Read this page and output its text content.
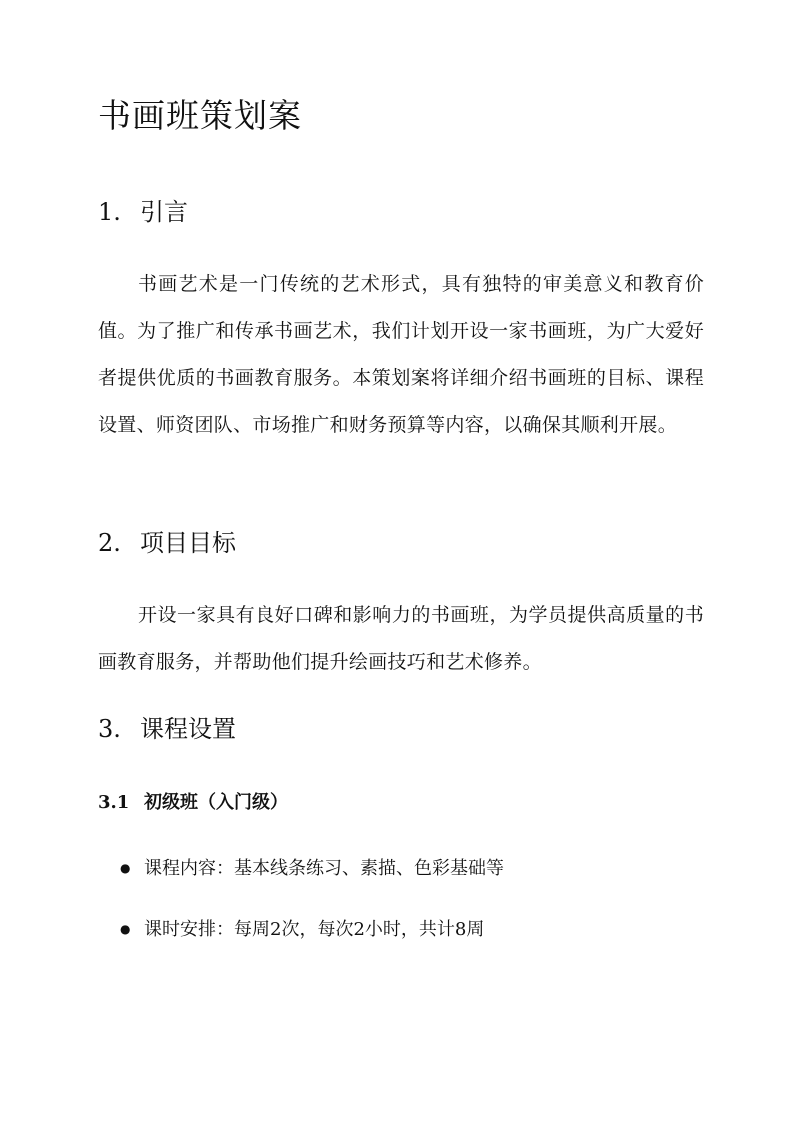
书画班策划案
1. 引言

书画艺术是一门传统的艺术形式，具有独特的审美意义和教育价值。为了推广和传承书画艺术，我们计划开设一家书画班，为广大爱好者提供优质的书画教育服务。本策划案将详细介绍书画班的目标、课程设置、师资团队、市场推广和财务预算等内容，以确保其顺利开展。

2. 项目目标

开设一家具有良好口碑和影响力的书画班，为学员提供高质量的书画教育服务，并帮助他们提升绘画技巧和艺术修养。

3. 课程设置
3.1 初级班（入门级）

● 课程内容：基本线条练习、素描、色彩基础等

● 课时安排：每周2次，每次2小时，共计8周
